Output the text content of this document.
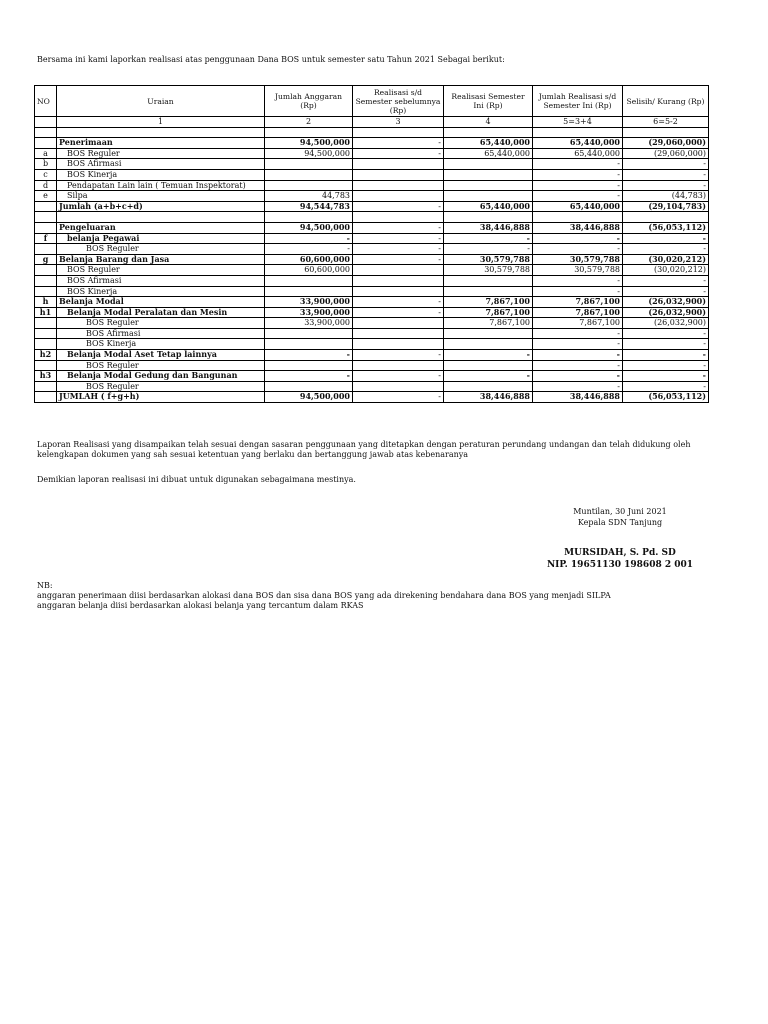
Bersama ini kami laporkan realisasi atas penggunaan Dana BOS untuk semester satu Tahun 2021 Sebagai berikut:
NO	Uraian	Jumlah Anggaran (Rp)	Realisasi s/d Semester sebelumnya (Rp)	Realisasi Semester Ini (Rp)	Jumlah Realisasi s/d Semester Ini (Rp)	Selisih/ Kurang (Rp)
	1	2	3	4	5=3+4	6=5-2

	Penerimaan	94,500,000	-	65,440,000	65,440,000	(29,060,000)
a	BOS Reguler	94,500,000	-	65,440,000	65,440,000	(29,060,000)
b	BOS Afirmasi				-	-
c	BOS Kinerja				-	-
d	Pendapatan Lain lain ( Temuan Inspektorat)				-	-
e	Silpa	44,783			-	(44,783)
	Jumlah (a+b+c+d)	94,544,783	-	65,440,000	65,440,000	(29,104,783)

	Pengeluaran	94,500,000	-	38,446,888	38,446,888	(56,053,112)
f	belanja Pegawai	-	-	-	-	-
	BOS Reguler	-	-	-	-	-
g	Belanja Barang dan Jasa	60,600,000	-	30,579,788	30,579,788	(30,020,212)
	BOS Reguler	60,600,000		30,579,788	30,579,788	(30,020,212)
	BOS Afirmasi				-	-
	BOS Kinerja				-	-
h	Belanja Modal	33,900,000	-	7,867,100	7,867,100	(26,032,900)
h1	Belanja Modal Peralatan dan Mesin	33,900,000	-	7,867,100	7,867,100	(26,032,900)
	BOS Reguler	33,900,000		7,867,100	7,867,100	(26,032,900)
	BOS Afirmasi				-	-
	BOS Kinerja				-	-
h2	Belanja Modal Aset Tetap lainnya	-	-	-	-	-
	BOS Reguler				-	-
h3	Belanja Modal Gedung dan Bangunan	-	-	-	-	-
	BOS Reguler				-	-
	JUMLAH ( f+g+h)	94,500,000	-	38,446,888	38,446,888	(56,053,112)
Laporan Realisasi yang disampaikan telah sesuai dengan sasaran penggunaan yang ditetapkan dengan peraturan perundang undangan dan telah didukung oleh
kelengkapan dokumen yang sah sesuai ketentuan yang berlaku dan bertanggung jawab atas kebenaranya
Demikian laporan realisasi ini dibuat untuk digunakan sebagaimana mestinya.
Muntilan, 30 Juni 2021
Kepala SDN Tanjung
MURSIDAH, S. Pd. SD
NIP. 19651130 198608 2 001
NB:
anggaran penerimaan diisi berdasarkan alokasi dana BOS dan sisa dana BOS yang ada direkening bendahara dana BOS yang menjadi SILPA
anggaran belanja diisi berdasarkan alokasi belanja yang tercantum dalam RKAS
